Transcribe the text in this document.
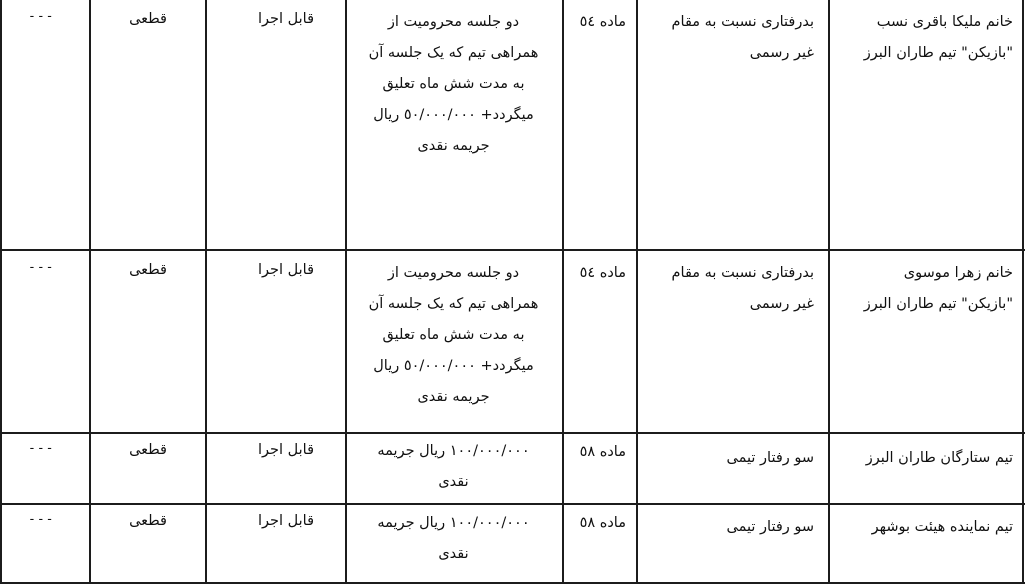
خانم ملیکا باقری نسب
"بازیکن" تیم طاران البرز
بدرفتاری نسبت به مقام
غیر رسمی
ماده ٥٤
دو جلسه محرومیت از
همراهی تیم که یک جلسه آن
به مدت شش ماه تعلیق
میگردد+ ٥٠/٠٠٠/٠٠٠ ریال
جریمه نقدی
قابل اجرا
قطعی
---
خانم زهرا موسوی
"بازیکن" تیم طاران البرز
بدرفتاری نسبت به مقام
غیر رسمی
ماده ٥٤
دو جلسه محرومیت از
همراهی تیم که یک جلسه آن
به مدت شش ماه تعلیق
میگردد+ ٥٠/٠٠٠/٠٠٠ ریال
جریمه نقدی
قابل اجرا
قطعی
---
تیم ستارگان طاران البرز
سو رفتار تیمی
ماده ٥٨
١٠٠/٠٠٠/٠٠٠ ریال جریمه
نقدی
قابل اجرا
قطعی
---
تیم نماینده هیئت بوشهر
سو رفتار تیمی
ماده ٥٨
١٠٠/٠٠٠/٠٠٠ ریال جریمه
نقدی
قابل اجرا
قطعی
---
